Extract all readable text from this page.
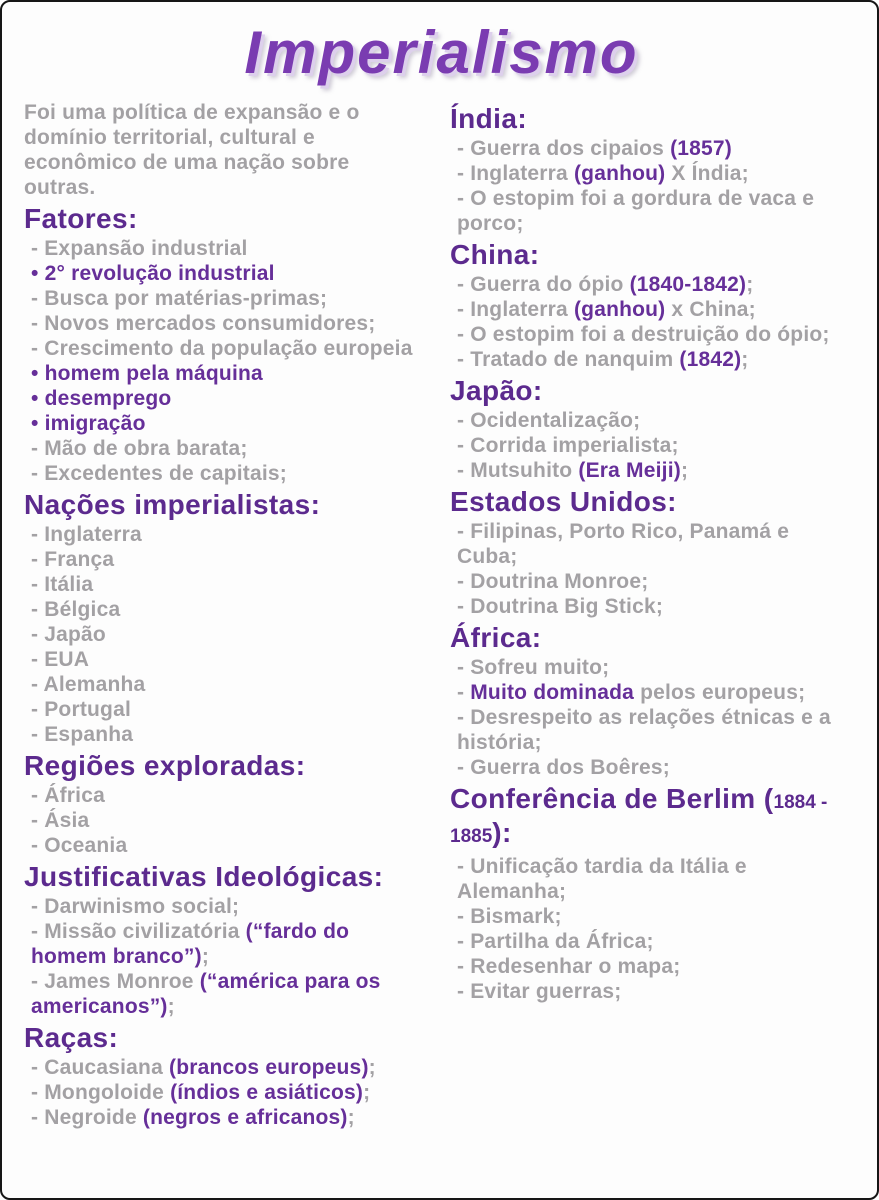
Imperialismo

Foi uma política de expansão e o domínio territorial, cultural e econômico de uma nação sobre outras.

Fatores:
- Expansão industrial
• 2° revolução industrial
- Busca por matérias-primas;
- Novos mercados consumidores;
- Crescimento da população europeia
• homem pela máquina
• desemprego
• imigração
- Mão de obra barata;
- Excedentes de capitais;
Nações imperialistas:
- Inglaterra
- França
- Itália
- Bélgica
- Japão
- EUA
- Alemanha
- Portugal
- Espanha
Regiões exploradas:
- África
- Ásia
- Oceania
Justificativas Ideológicas:
- Darwinismo social;
- Missão civilizatória (“fardo do homem branco”);
- James Monroe (“américa para os americanos”);
Raças:
- Caucasiana (brancos europeus);
- Mongoloide (índios e asiáticos);
- Negroide (negros e africanos);
Índia:
- Guerra dos cipaios (1857)
- Inglaterra (ganhou) X Índia;
- O estopim foi a gordura de vaca e porco;
China:
- Guerra do ópio (1840-1842);
- Inglaterra (ganhou) x China;
- O estopim foi a destruição do ópio;
- Tratado de nanquim (1842);
Japão:
- Ocidentalização;
- Corrida imperialista;
- Mutsuhito (Era Meiji);
Estados Unidos:
- Filipinas, Porto Rico, Panamá e Cuba;
- Doutrina Monroe;
- Doutrina Big Stick;
África:
- Sofreu muito;
- Muito dominada pelos europeus;
- Desrespeito as relações étnicas e a história;
- Guerra dos Boêres;
Conferência de Berlim (1884 - 1885):
- Unificação tardia da Itália e Alemanha;
- Bismark;
- Partilha da África;
- Redesenhar o mapa;
- Evitar guerras;
